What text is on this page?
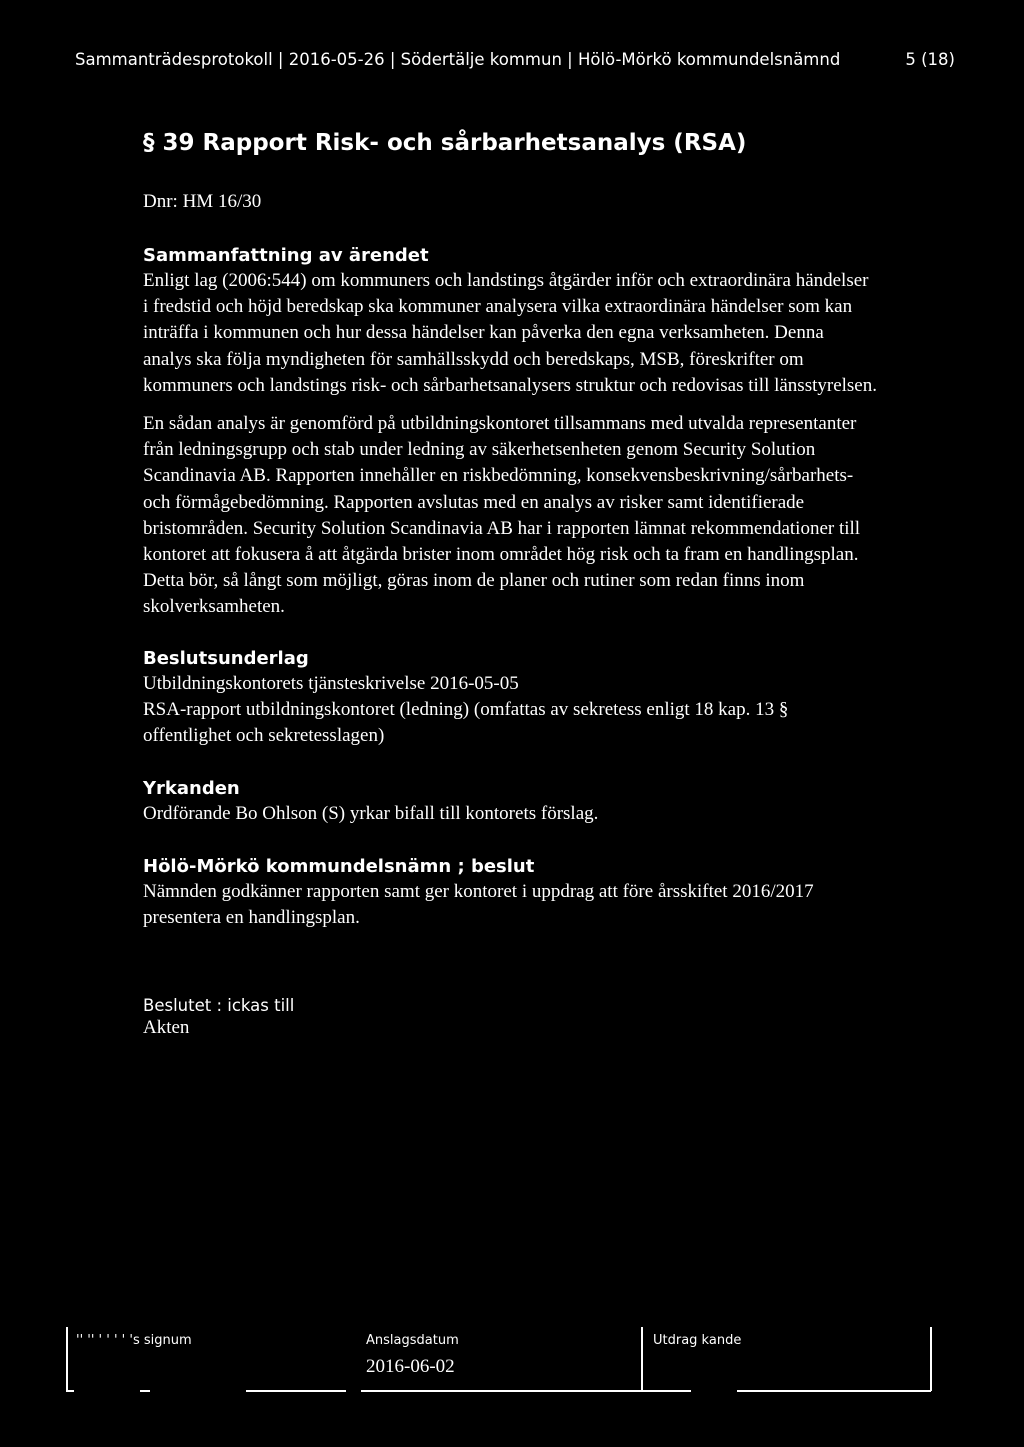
Sammanträdesprotokoll | 2016-05-26 | Södertälje kommun | Hölö-Mörkö kommundelsnämnd	5 (18)
§ 39 Rapport Risk- och sårbarhetsanalys (RSA)
Dnr: HM 16/30
Sammanfattning av ärendet
Enligt lag (2006:544) om kommuners och landstings åtgärder inför och extraordinära händelser
i fredstid och höjd beredskap ska kommuner analysera vilka extraordinära händelser som kan
inträffa i kommunen och hur dessa händelser kan påverka den egna verksamheten. Denna
analys ska följa myndigheten för samhällsskydd och beredskaps, MSB, föreskrifter om
kommuners och landstings risk- och sårbarhetsanalysers struktur och redovisas till länsstyrelsen.
En sådan analys är genomförd på utbildningskontoret tillsammans med utvalda representanter
från ledningsgrupp och stab under ledning av säkerhetsenheten genom Security Solution
Scandinavia AB. Rapporten innehåller en riskbedömning, konsekvensbeskrivning/sårbarhets-
och förmågebedömning. Rapporten avslutas med en analys av risker samt identifierade
bristområden. Security Solution Scandinavia AB har i rapporten lämnat rekommendationer till
kontoret att fokusera å att åtgärda brister inom området hög risk och ta fram en handlingsplan.
Detta bör, så långt som möjligt, göras inom de planer och rutiner som redan finns inom
skolverksamheten.
Beslutsunderlag
Utbildningskontorets tjänsteskrivelse 2016-05-05
RSA-rapport utbildningskontoret (ledning) (omfattas av sekretess enligt 18 kap. 13 §
offentlighet och sekretesslagen)
Yrkanden
Ordförande Bo Ohlson (S) yrkar bifall till kontorets förslag.
Hölö-Mörkö kommundelsnämn ; beslut
Nämnden godkänner rapporten samt ger kontoret i uppdrag att före årsskiftet 2016/2017
presentera en handlingsplan.
Beslutet : ickas till
Akten
'' '' ' ' ' ' 's signum	Anslagsdatum
2016-06-02
Utdrag kande
